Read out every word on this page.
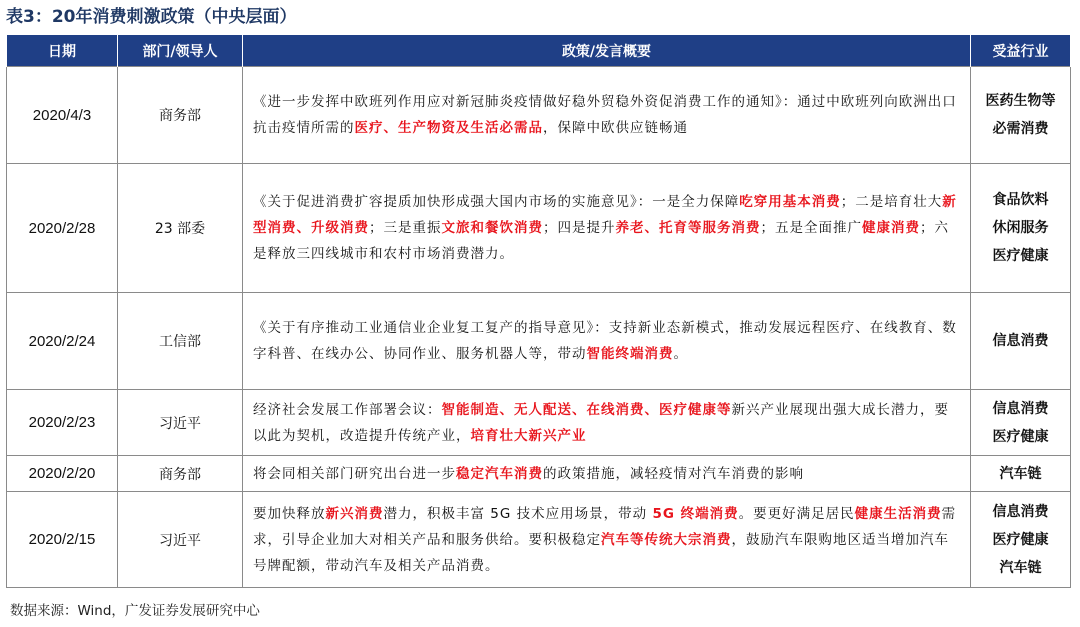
表3：20年消费刺激政策（中央层面）
日期	部门/领导人	政策/发言概要	受益行业
2020/4/3	商务部	《进一步发挥中欧班列作用应对新冠肺炎疫情做好稳外贸稳外资促消费工作的通知》：通过中欧班列向欧洲出口抗击疫情所需的医疗、生产物资及生活必需品，保障中欧供应链畅通	医药生物等
必需消费

2020/2/28	23 部委	《关于促进消费扩容提质加快形成强大国内市场的实施意见》：一是全力保障吃穿用基本消费；二是培育壮大新型消费、升级消费；三是重振文旅和餐饮消费；四是提升养老、托育等服务消费；五是全面推广健康消费；六是释放三四线城市和农村市场消费潜力。	食品饮料
休闲服务
医疗健康

2020/2/24	工信部	《关于有序推动工业通信业企业复工复产的指导意见》：支持新业态新模式，推动发展远程医疗、在线教育、数字科普、在线办公、协同作业、服务机器人等，带动智能终端消费。	信息消费

2020/2/23	习近平	经济社会发展工作部署会议：智能制造、无人配送、在线消费、医疗健康等新兴产业展现出强大成长潜力，要以此为契机，改造提升传统产业，培育壮大新兴产业	信息消费
医疗健康

2020/2/20	商务部	将会同相关部门研究出台进一步稳定汽车消费的政策措施，减轻疫情对汽车消费的影响	汽车链

2020/2/15	习近平	要加快释放新兴消费潜力，积极丰富 5G 技术应用场景，带动 5G 终端消费。要更好满足居民健康生活消费需求，引导企业加大对相关产品和服务供给。要积极稳定汽车等传统大宗消费，鼓励汽车限购地区适当增加汽车号牌配额，带动汽车及相关产品消费。	信息消费
医疗健康
汽车链
数据来源：Wind，广发证券发展研究中心
